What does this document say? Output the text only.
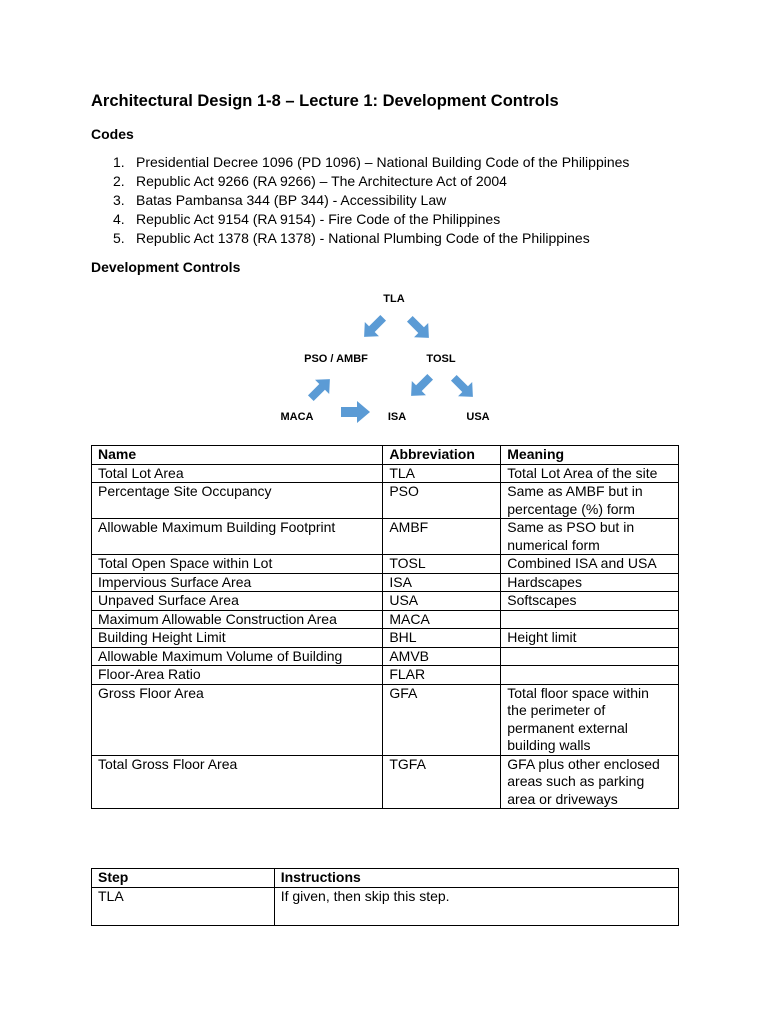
Architectural Design 1-8 – Lecture 1: Development Controls
Codes
1. Presidential Decree 1096 (PD 1096) – National Building Code of the Philippines
2. Republic Act 9266 (RA 9266) – The Architecture Act of 2004
3. Batas Pambansa 344 (BP 344) - Accessibility Law
4. Republic Act 9154 (RA 9154) - Fire Code of the Philippines
5. Republic Act 1378 (RA 1378) - National Plumbing Code of the Philippines
Development Controls
TLA
PSO / AMBF	TOSL
MACA	ISA	USA
Name	Abbreviation	Meaning
Total Lot Area	TLA	Total Lot Area of the site
Percentage Site Occupancy	PSO	Same as AMBF but in percentage (%) form
Allowable Maximum Building Footprint	AMBF	Same as PSO but in numerical form
Total Open Space within Lot	TOSL	Combined ISA and USA
Impervious Surface Area	ISA	Hardscapes
Unpaved Surface Area	USA	Softscapes
Maximum Allowable Construction Area	MACA	
Building Height Limit	BHL	Height limit
Allowable Maximum Volume of Building	AMVB	
Floor-Area Ratio	FLAR	
Gross Floor Area	GFA	Total floor space within the perimeter of permanent external building walls
Total Gross Floor Area	TGFA	GFA plus other enclosed areas such as parking area or driveways
Step	Instructions
TLA	If given, then skip this step.
